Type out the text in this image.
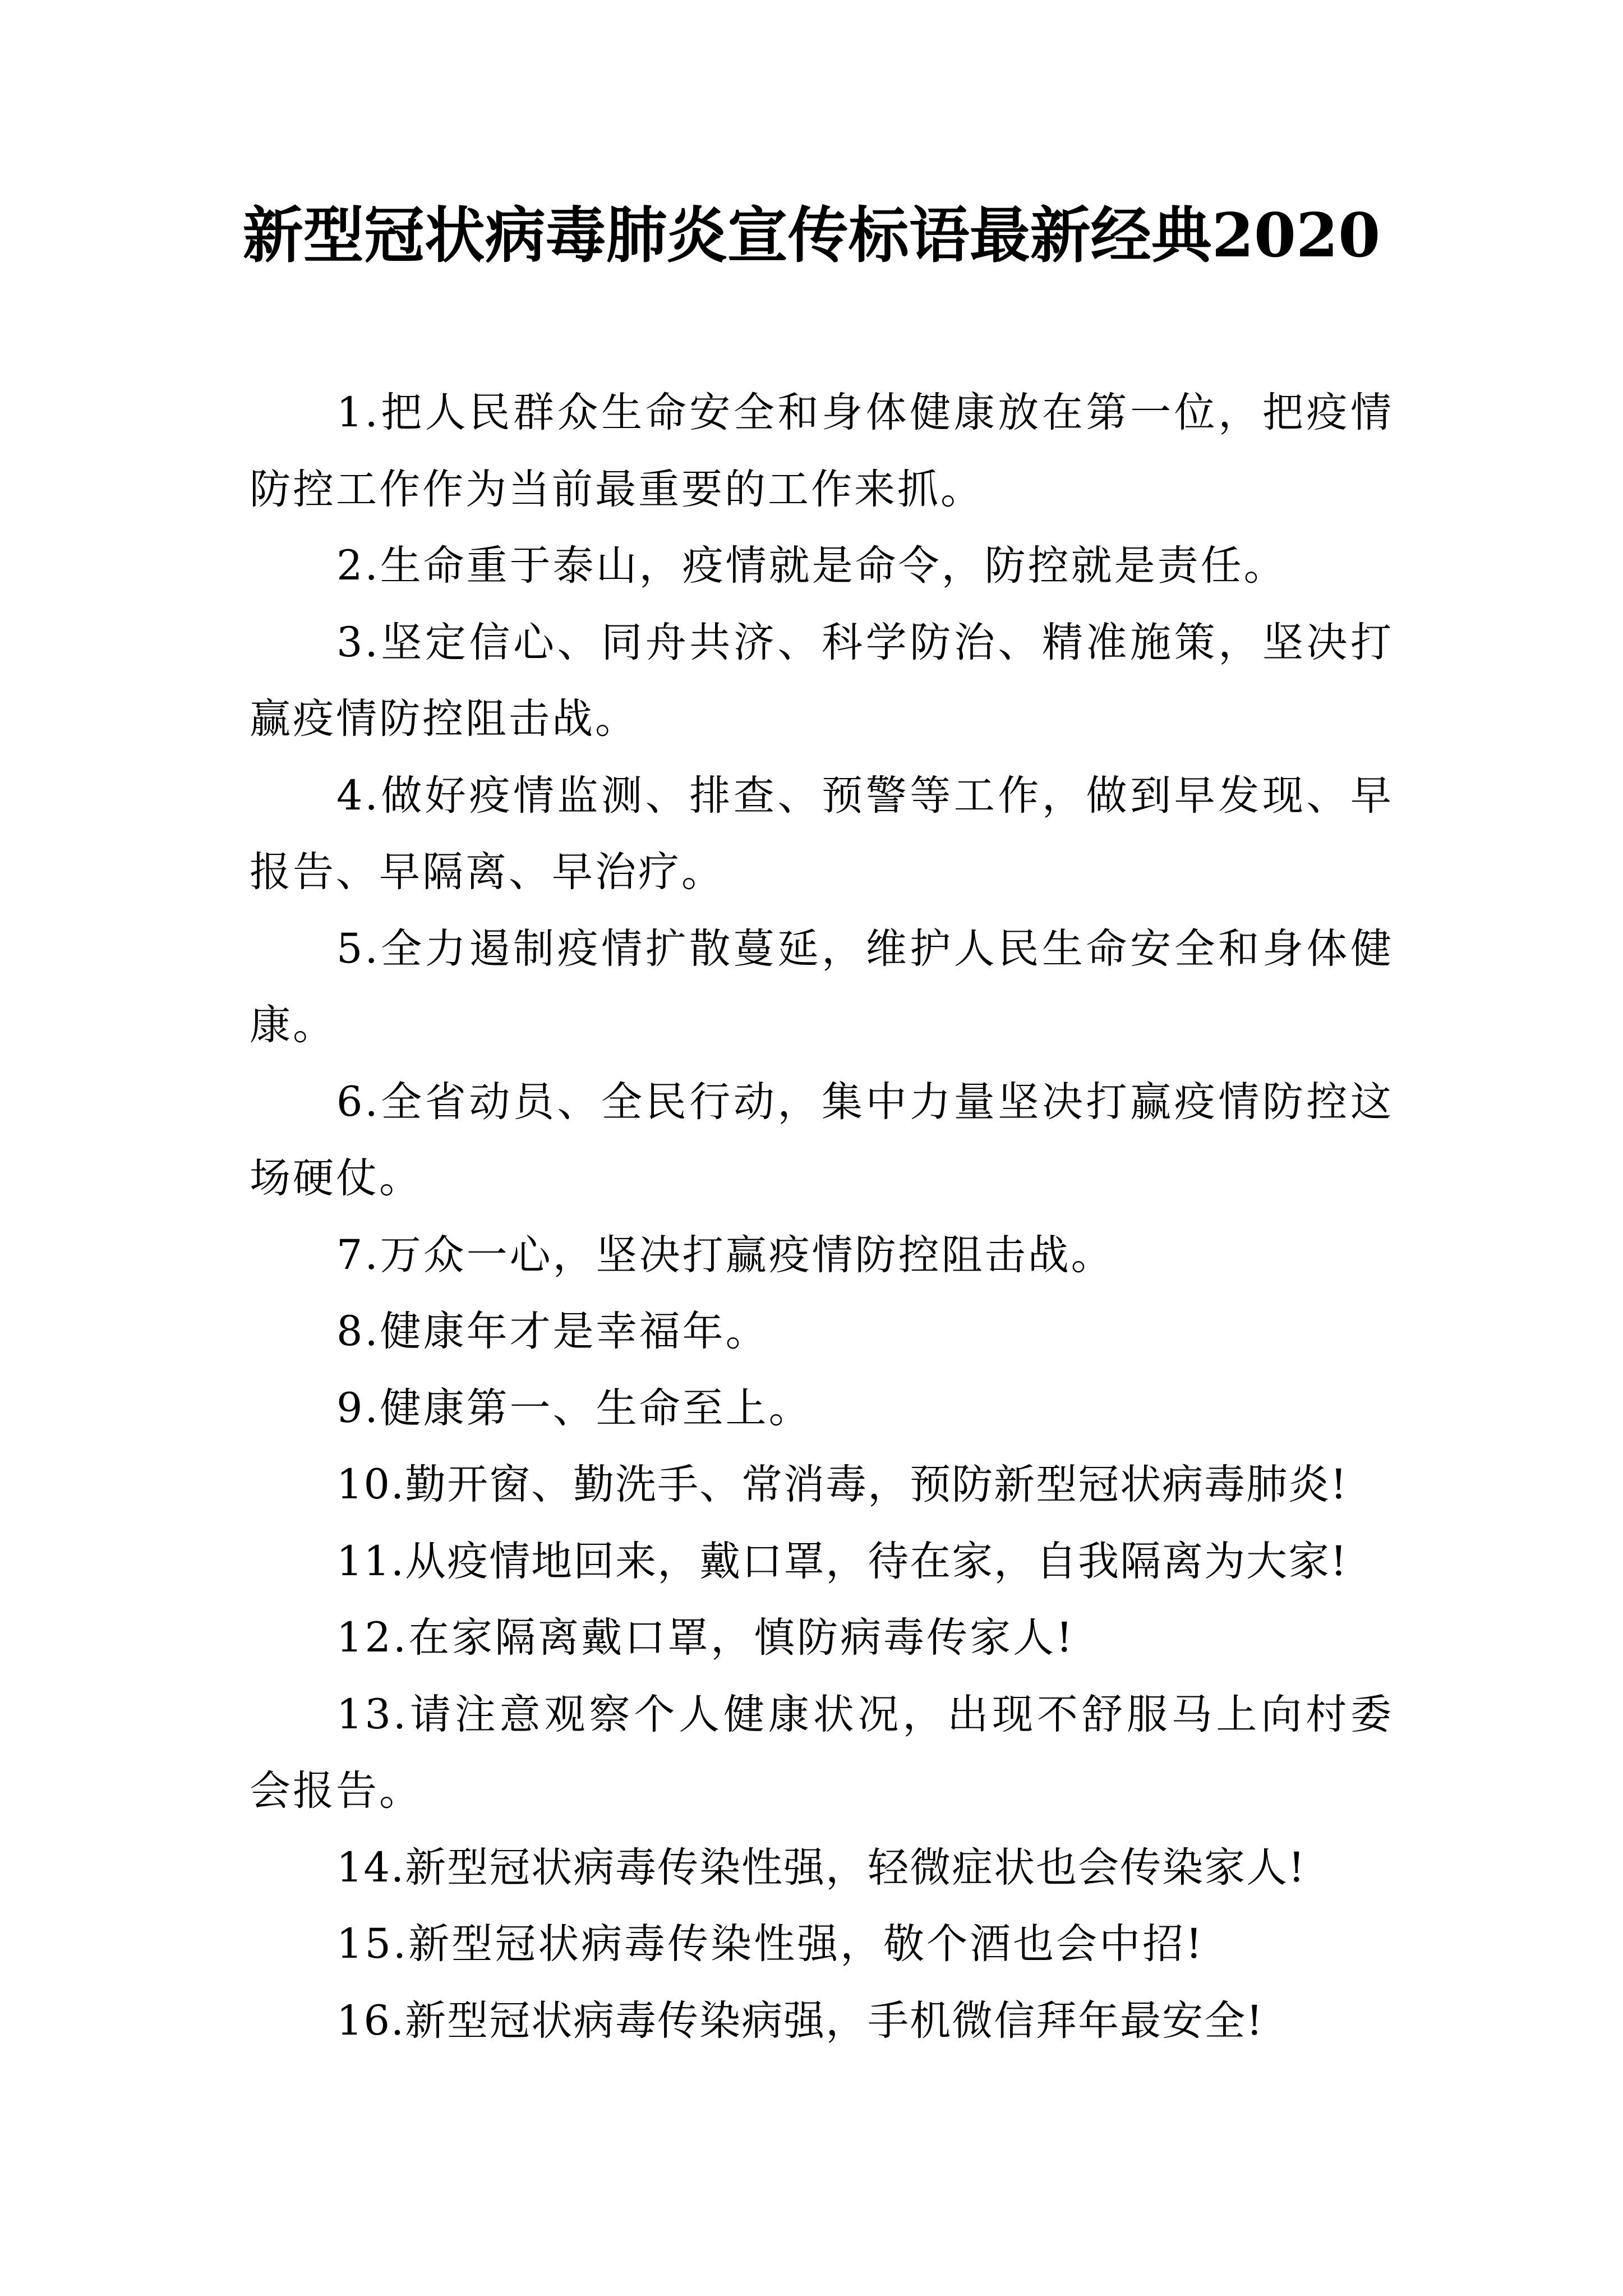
新型冠状病毒肺炎宣传标语最新经典2020

1.把人民群众生命安全和身体健康放在第一位，把疫情防控工作作为当前最重要的工作来抓。

2.生命重于泰山，疫情就是命令，防控就是责任。

3.坚定信心、同舟共济、科学防治、精准施策，坚决打赢疫情防控阻击战。

4.做好疫情监测、排查、预警等工作，做到早发现、早报告、早隔离、早治疗。

5.全力遏制疫情扩散蔓延，维护人民生命安全和身体健康。

6.全省动员、全民行动，集中力量坚决打赢疫情防控这场硬仗。

7.万众一心，坚决打赢疫情防控阻击战。

8.健康年才是幸福年。

9.健康第一、生命至上。

10.勤开窗、勤洗手、常消毒，预防新型冠状病毒肺炎!

11.从疫情地回来，戴口罩，待在家，自我隔离为大家!

12.在家隔离戴口罩，慎防病毒传家人!

13.请注意观察个人健康状况，出现不舒服马上向村委会报告。

14.新型冠状病毒传染性强，轻微症状也会传染家人!

15.新型冠状病毒传染性强，敬个酒也会中招!

16.新型冠状病毒传染病强，手机微信拜年最安全!
